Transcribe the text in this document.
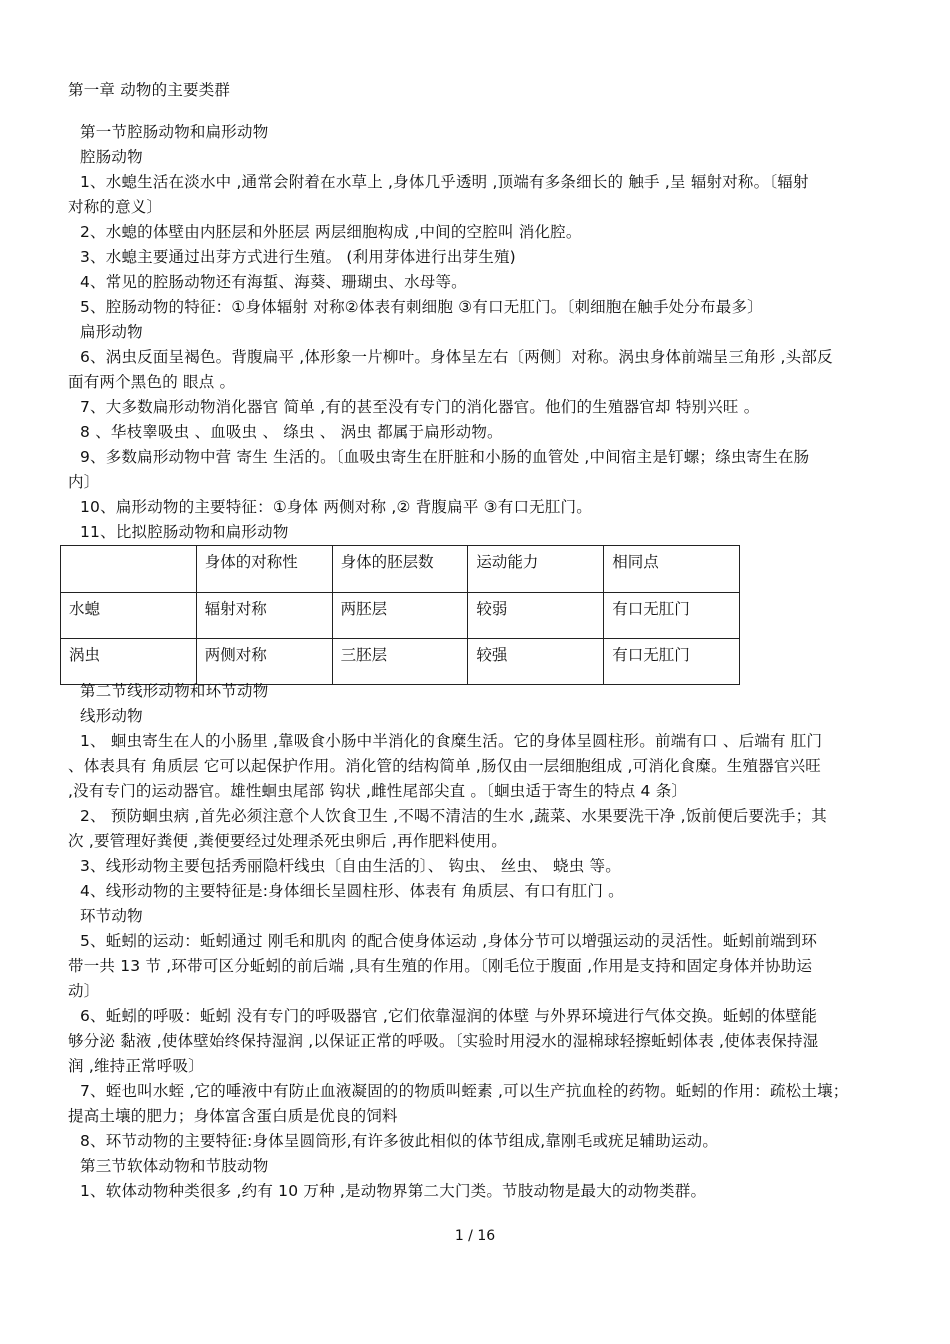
第一章 动物的主要类群
第一节腔肠动物和扁形动物
腔肠动物
1、水螅生活在淡水中 ,通常会附着在水草上 ,身体几乎透明 ,顶端有多条细长的 触手 ,呈 辐射对称。〔辐射
对称的意义〕
2、水螅的体壁由内胚层和外胚层 两层细胞构成 ,中间的空腔叫 消化腔。
3、水螅主要通过出芽方式进行生殖。 (利用芽体进行出芽生殖)
4、常见的腔肠动物还有海蜇、海葵、珊瑚虫、水母等。
5、腔肠动物的特征：①身体辐射 对称②体表有刺细胞 ③有口无肛门。〔刺细胞在触手处分布最多〕
扁形动物
6、涡虫反面呈褐色。背腹扁平 ,体形象一片柳叶。身体呈左右〔两侧〕对称。涡虫身体前端呈三角形 ,头部反
面有两个黑色的 眼点 。
7、大多数扁形动物消化器官 简单 ,有的甚至没有专门的消化器官。他们的生殖器官却 特别兴旺 。
8 、华枝睾吸虫 、血吸虫 、 绦虫 、 涡虫 都属于扁形动物。
9、多数扁形动物中营 寄生 生活的。〔血吸虫寄生在肝脏和小肠的血管处 ,中间宿主是钉螺；绦虫寄生在肠
内〕
10、扁形动物的主要特征：①身体 两侧对称 ,② 背腹扁平 ③有口无肛门。
11、比拟腔肠动物和扁形动物
	身体的对称性	身体的胚层数	运动能力	相同点
水螅	辐射对称	两胚层	较弱	有口无肛门
涡虫	两侧对称	三胚层	较强	有口无肛门
第二节线形动物和环节动物
线形动物
1、 蛔虫寄生在人的小肠里 ,靠吸食小肠中半消化的食糜生活。它的身体呈圆柱形。前端有口 、后端有 肛门
、体表具有 角质层 它可以起保护作用。消化管的结构简单 ,肠仅由一层细胞组成 ,可消化食糜。生殖器官兴旺
,没有专门的运动器官。雄性蛔虫尾部 钩状 ,雌性尾部尖直 。〔蛔虫适于寄生的特点 4 条〕
2、 预防蛔虫病 ,首先必须注意个人饮食卫生 ,不喝不清洁的生水 ,蔬菜、水果要洗干净 ,饭前便后要洗手；其
次 ,要管理好粪便 ,粪便要经过处理杀死虫卵后 ,再作肥料使用。
3、线形动物主要包括秀丽隐杆线虫〔自由生活的〕、 钩虫、 丝虫、 蛲虫 等。
4、线形动物的主要特征是:身体细长呈圆柱形、体表有 角质层、有口有肛门 。
环节动物
5、蚯蚓的运动：蚯蚓通过 刚毛和肌肉 的配合使身体运动 ,身体分节可以增强运动的灵活性。蚯蚓前端到环
带一共 13 节 ,环带可区分蚯蚓的前后端 ,具有生殖的作用。〔刚毛位于腹面 ,作用是支持和固定身体并协助运
动〕
6、蚯蚓的呼吸：蚯蚓 没有专门的呼吸器官 ,它们依靠湿润的体壁 与外界环境进行气体交换。蚯蚓的体壁能
够分泌 黏液 ,使体壁始终保持湿润 ,以保证正常的呼吸。〔实验时用浸水的湿棉球轻擦蚯蚓体表 ,使体表保持湿
润 ,维持正常呼吸〕
7、蛭也叫水蛭 ,它的唾液中有防止血液凝固的的物质叫蛭素 ,可以生产抗血栓的药物。蚯蚓的作用：疏松土壤；
提高土壤的肥力；身体富含蛋白质是优良的饲料
8、环节动物的主要特征:身体呈圆筒形,有许多彼此相似的体节组成,靠刚毛或疣足辅助运动。
第三节软体动物和节肢动物
1、软体动物种类很多 ,约有 10 万种 ,是动物界第二大门类。节肢动物是最大的动物类群。
1 / 16
